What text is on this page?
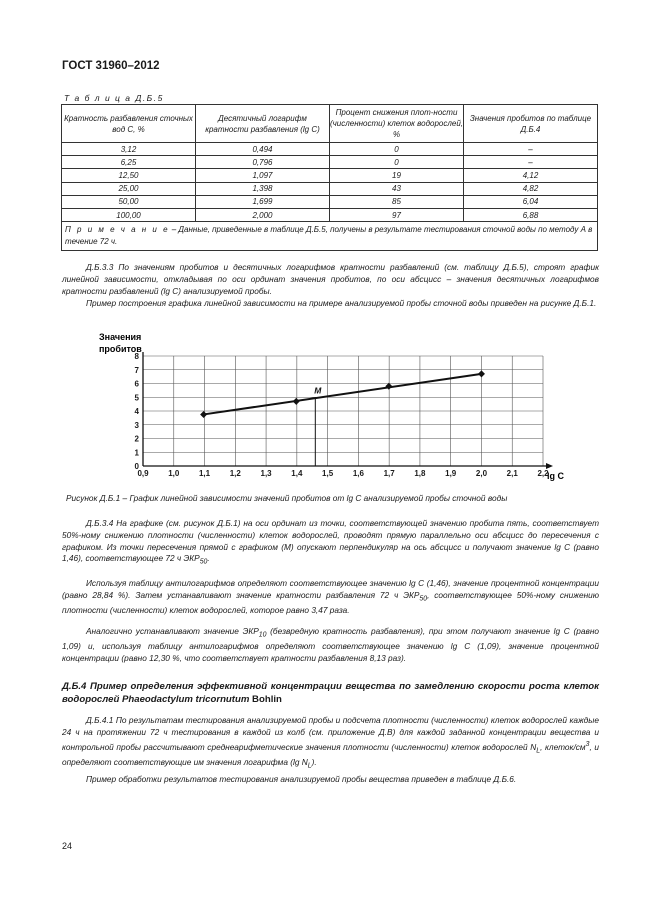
ГОСТ 31960–2012
Т а б л и ц а Д.Б.5
Кратность разбавления сточных вод С, %	Десятичный логарифм кратности разбавления (lg С)	Процент снижения плот-ности (численности) клеток водорослей, %	Значения пробитов по таблице Д.Б.4
3,12	0,494	0	–
6,25	0,796	0	–
12,50	1,097	19	4,12
25,00	1,398	43	4,82
50,00	1,699	85	6,04
100,00	2,000	97	6,88
П р и м е ч а н и е – Данные, приведенные в таблице Д.Б.5, получены в результате тестирования сточной воды по методу А в течение 72 ч.			

Д.Б.3.3 По значениям пробитов и десятичных логарифмов кратности разбавлений (см. таблицу Д.Б.5), строят график линейной зависимости, откладывая по оси ординат значения пробитов, по оси абсцисс – значения десятичных логарифмов кратности разбавлений (lg С) анализируемой пробы.

Пример построения графика линейной зависимости на примере анализируемой пробы сточной воды приведен на рисунке Д.Б.1.

0,9 1,0 1,1 1,2 1,3 1,4 1,5 1,6 1,7 1,8 1,9 2,0 2,1 2,2
0
1
2
3
4
5
6
7
8
М
Значения
пробитов
lg C
Рисунок Д.Б.1 – График линейной зависимости значений пробитов от lg С анализируемой пробы сточной воды

Д.Б.3.4 На графике (см. рисунок Д.Б.1) на оси ординат из точки, соответствующей значению пробита пять, соответствует 50%-ному снижению плотности (численности) клеток водорослей, проводят прямую параллельно оси абсцисс до пересечения с графиком. Из точки пересечения прямой с графиком (М) опускают перпендикуляр на ось абсцисс и получают значение lg С (равно 1,46), соответствующее 72 ч $ЭКР_{50}$.

Используя таблицу антилогарифмов определяют соответствующее значению lg С (1,46), значение процентной концентрации (равно 28,84 %). Затем устанавливают значение кратности разбавления 72 ч $ЭКР_{50}$, соответствующее 50%-ному снижению плотности (численности) клеток водорослей, которое равно 3,47 раза.

Аналогично устанавливают значение $ЭКР_{10}$ (безвредную кратность разбавления), при этом получают значение lg С (равно 1,09) и, используя таблицу антилогарифмов определяют соответствующее значению lg С (1,09), значение процентной концентрации (равно 12,30 %, что соответствует кратности разбавления 8,13 раз).

Д.Б.4 Пример определения эффективной концентрации вещества по замедлению скорости роста клеток водорослей Phaeodactylum tricornutum Bohlin

Д.Б.4.1 По результатам тестирования анализируемой пробы и подсчета плотности (численности) клеток водорослей каждые 24 ч на протяжении 72 ч тестирования в каждой из колб (см. приложение Д.В) для каждой заданной концентрации вещества и контрольной пробы рассчитывают среднеарифметические значения плотности (численности) клеток водорослей $N_L$, клеток/$см^3$, и определяют соответствующие им значения логарифма (lg $N_L$).

Пример обработки результатов тестирования анализируемой пробы вещества приведен в таблице Д.Б.6.

24
